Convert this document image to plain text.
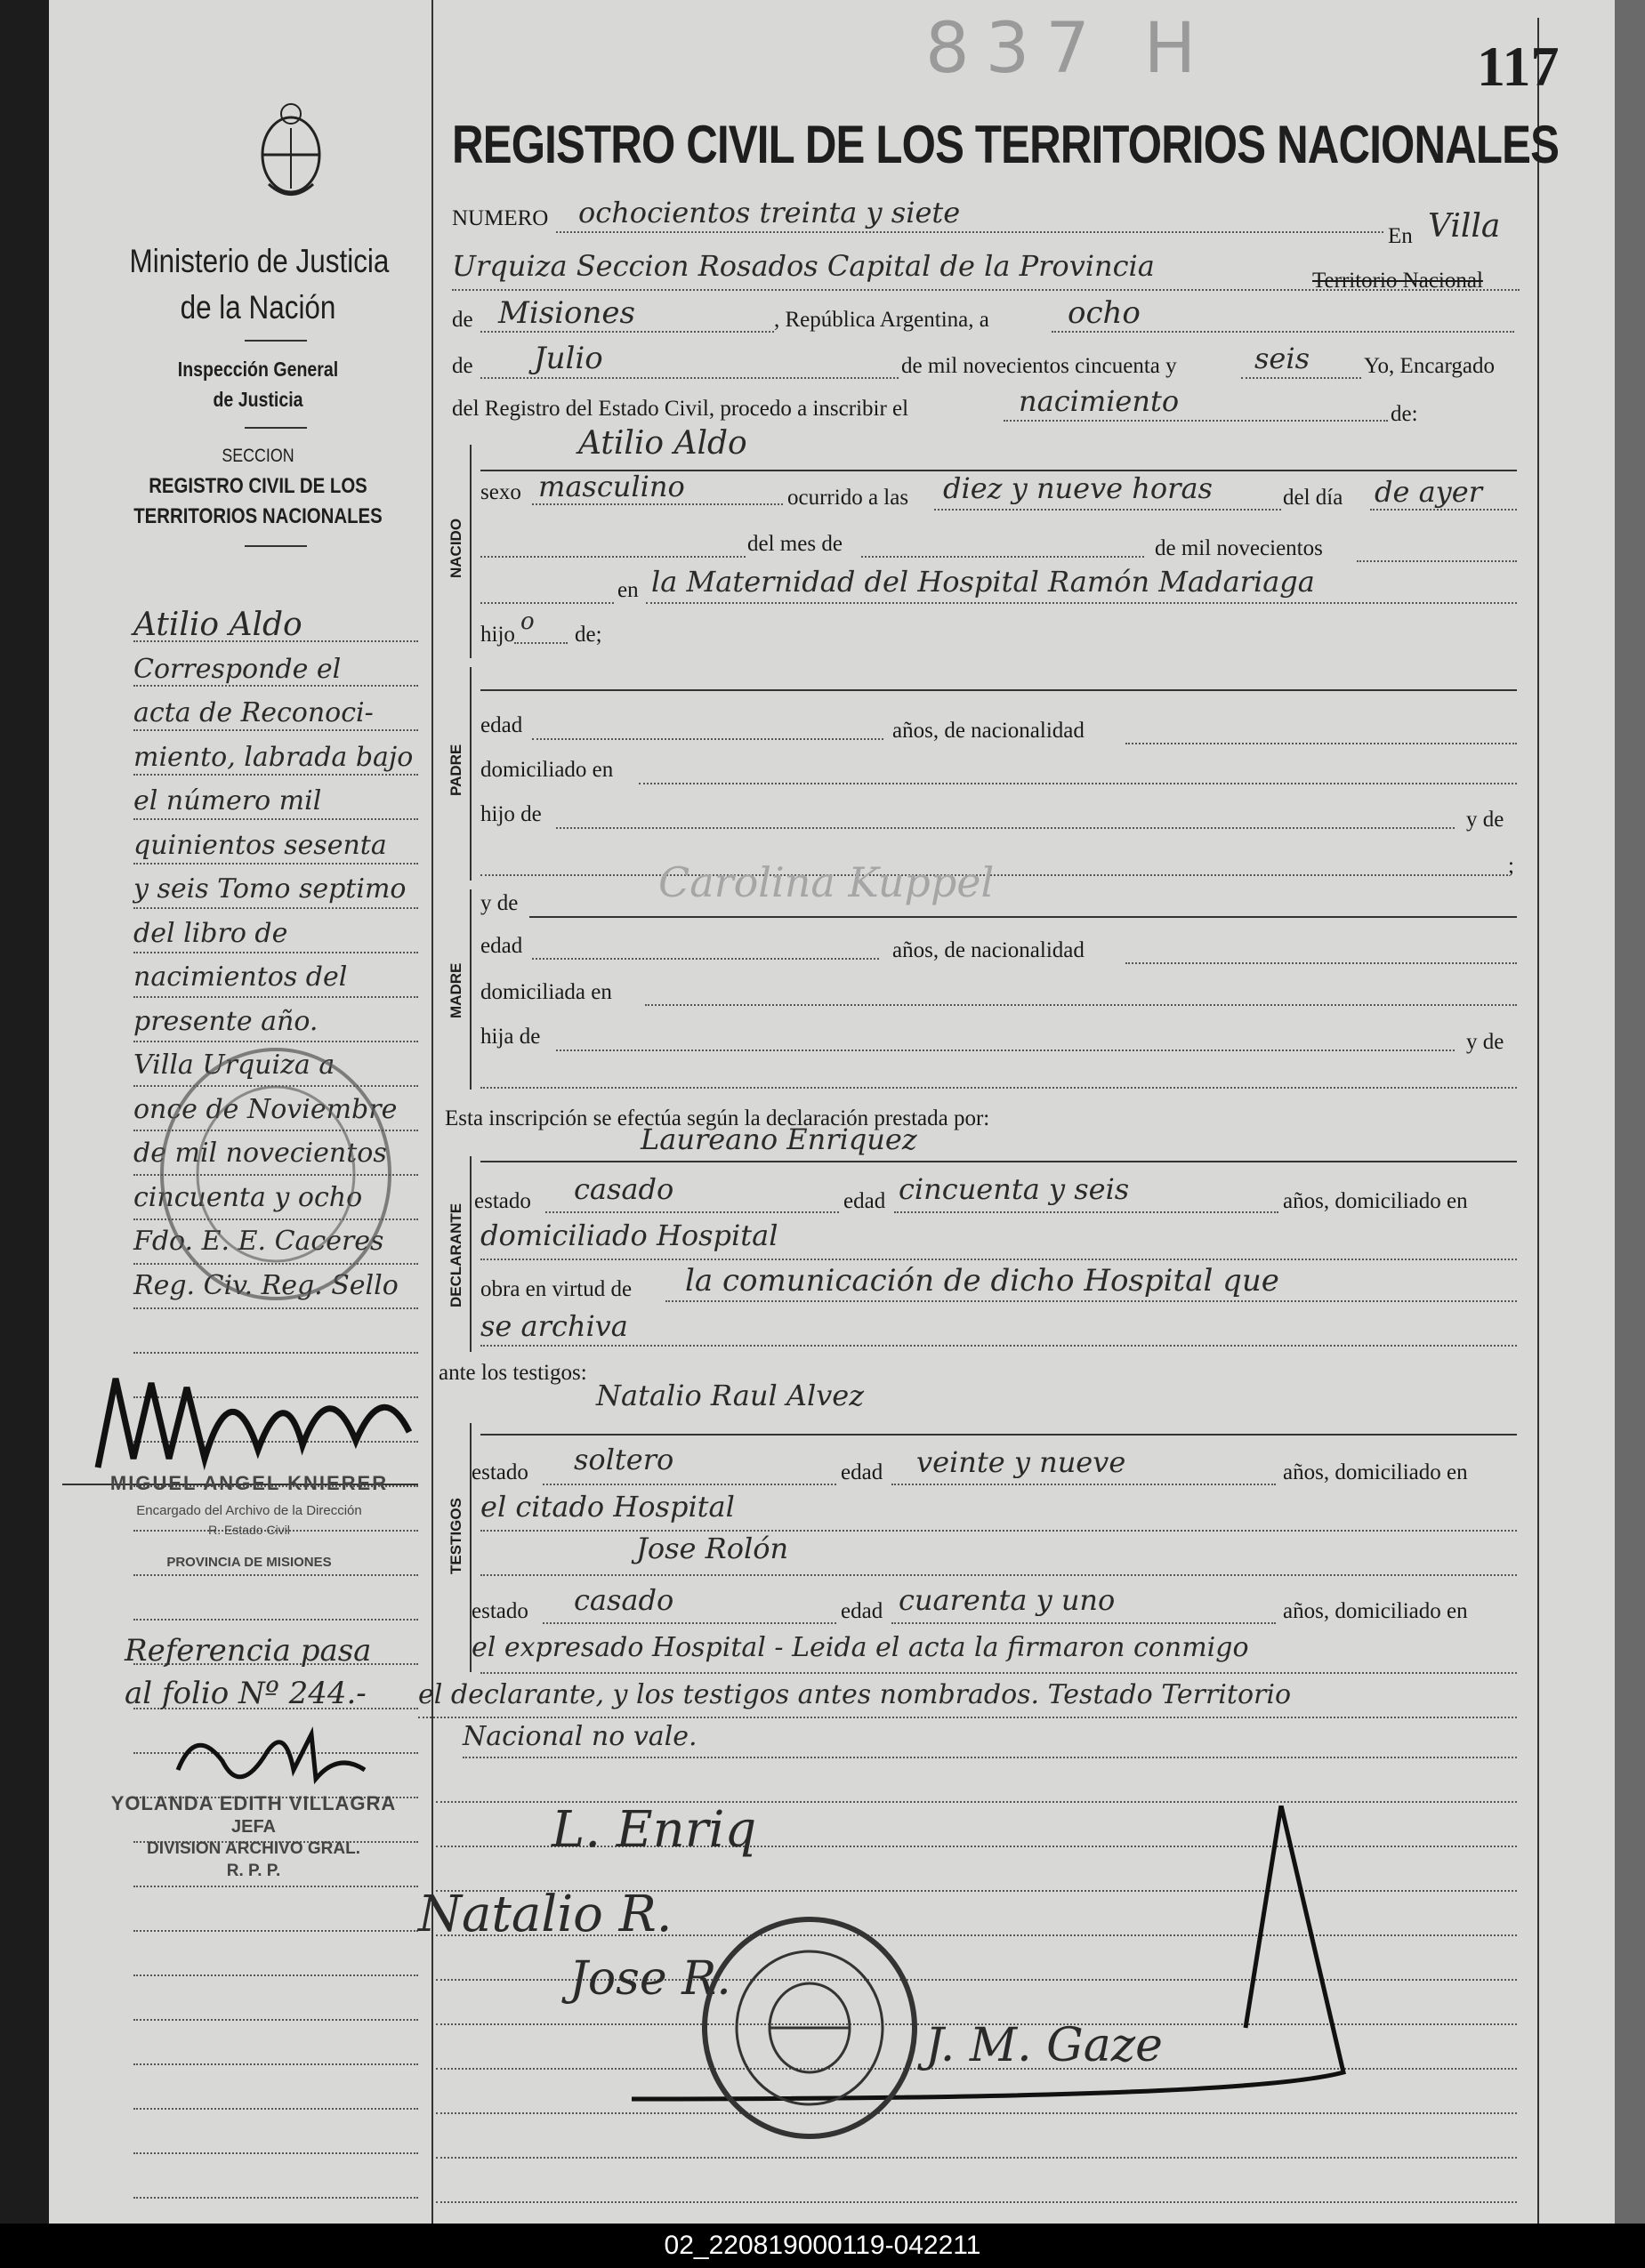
837 H	117
Ministerio de Justicia
de la Nación
Inspección General
de Justicia
SECCION
REGISTRO CIVIL DE LOS
TERRITORIOS NACIONALES
Atilio Aldo
Corresponde el
acta de Reconoci-
miento, labrada bajo
el número mil
quinientos sesenta
y seis Tomo septimo
del libro de
nacimientos del
presente año.
Villa Urquiza a
once de Noviembre
de mil novecientos
cincuenta y ocho
Fdo. E. E. Caceres
Reg. Civ. Reg. Sello
MIGUEL ANGEL KNIERER
Encargado del Archivo de la Dirección
R. Estado Civil
PROVINCIA DE MISIONES
Referencia pasa
al folio Nº 244.-
YOLANDA EDITH VILLAGRA
JEFA
DIVISION ARCHIVO GRAL.
R. P. P.
REGISTRO CIVIL DE LOS TERRITORIOS NACIONALES
NUMERO ochocientos treinta y siete
En Villa
Urquiza Seccion Rosados Capital de la Provincia	Territorio Nacional
de Misiones	, República Argentina, a	ocho
de Julio	de mil novecientos cincuenta y	seis Yo, Encargado
del Registro del Estado Civil, procedo a inscribir el	nacimiento	de:
NACIDO
Atilio Aldo
sexo masculino	ocurrido a las diez y nueve horas	del día de ayer
del mes de	de mil novecientos
en la Maternidad del Hospital Ramón Madariaga
hijo o de;
PADRE
edad	años, de nacionalidad
domiciliado en
hijo de	y de
;
Carolina Kuppel
MADRE
y de
edad	años, de nacionalidad
domiciliada en
hija de	y de
Esta inscripción se efectúa según la declaración prestada por:
Laureano Enriquez
DECLARANTE
estado casado	edad cincuenta y seis	años, domiciliado en
domiciliado Hospital
obra en virtud de la comunicación de dicho Hospital que
se archiva
ante los testigos:
Natalio Raul Alvez
TESTIGOS
estado soltero	edad veinte y nueve	años, domiciliado en
el citado Hospital
Jose Rolón
estado casado	edad cuarenta y uno	años, domiciliado en
el expresado Hospital - Leida el acta la firmaron conmigo
el declarante, y los testigos antes nombrados. Testado Territorio
Nacional no vale.
L. Enriq
Natalio R.
Jose R.
J. M. Gaze
02_220819000119-042211
